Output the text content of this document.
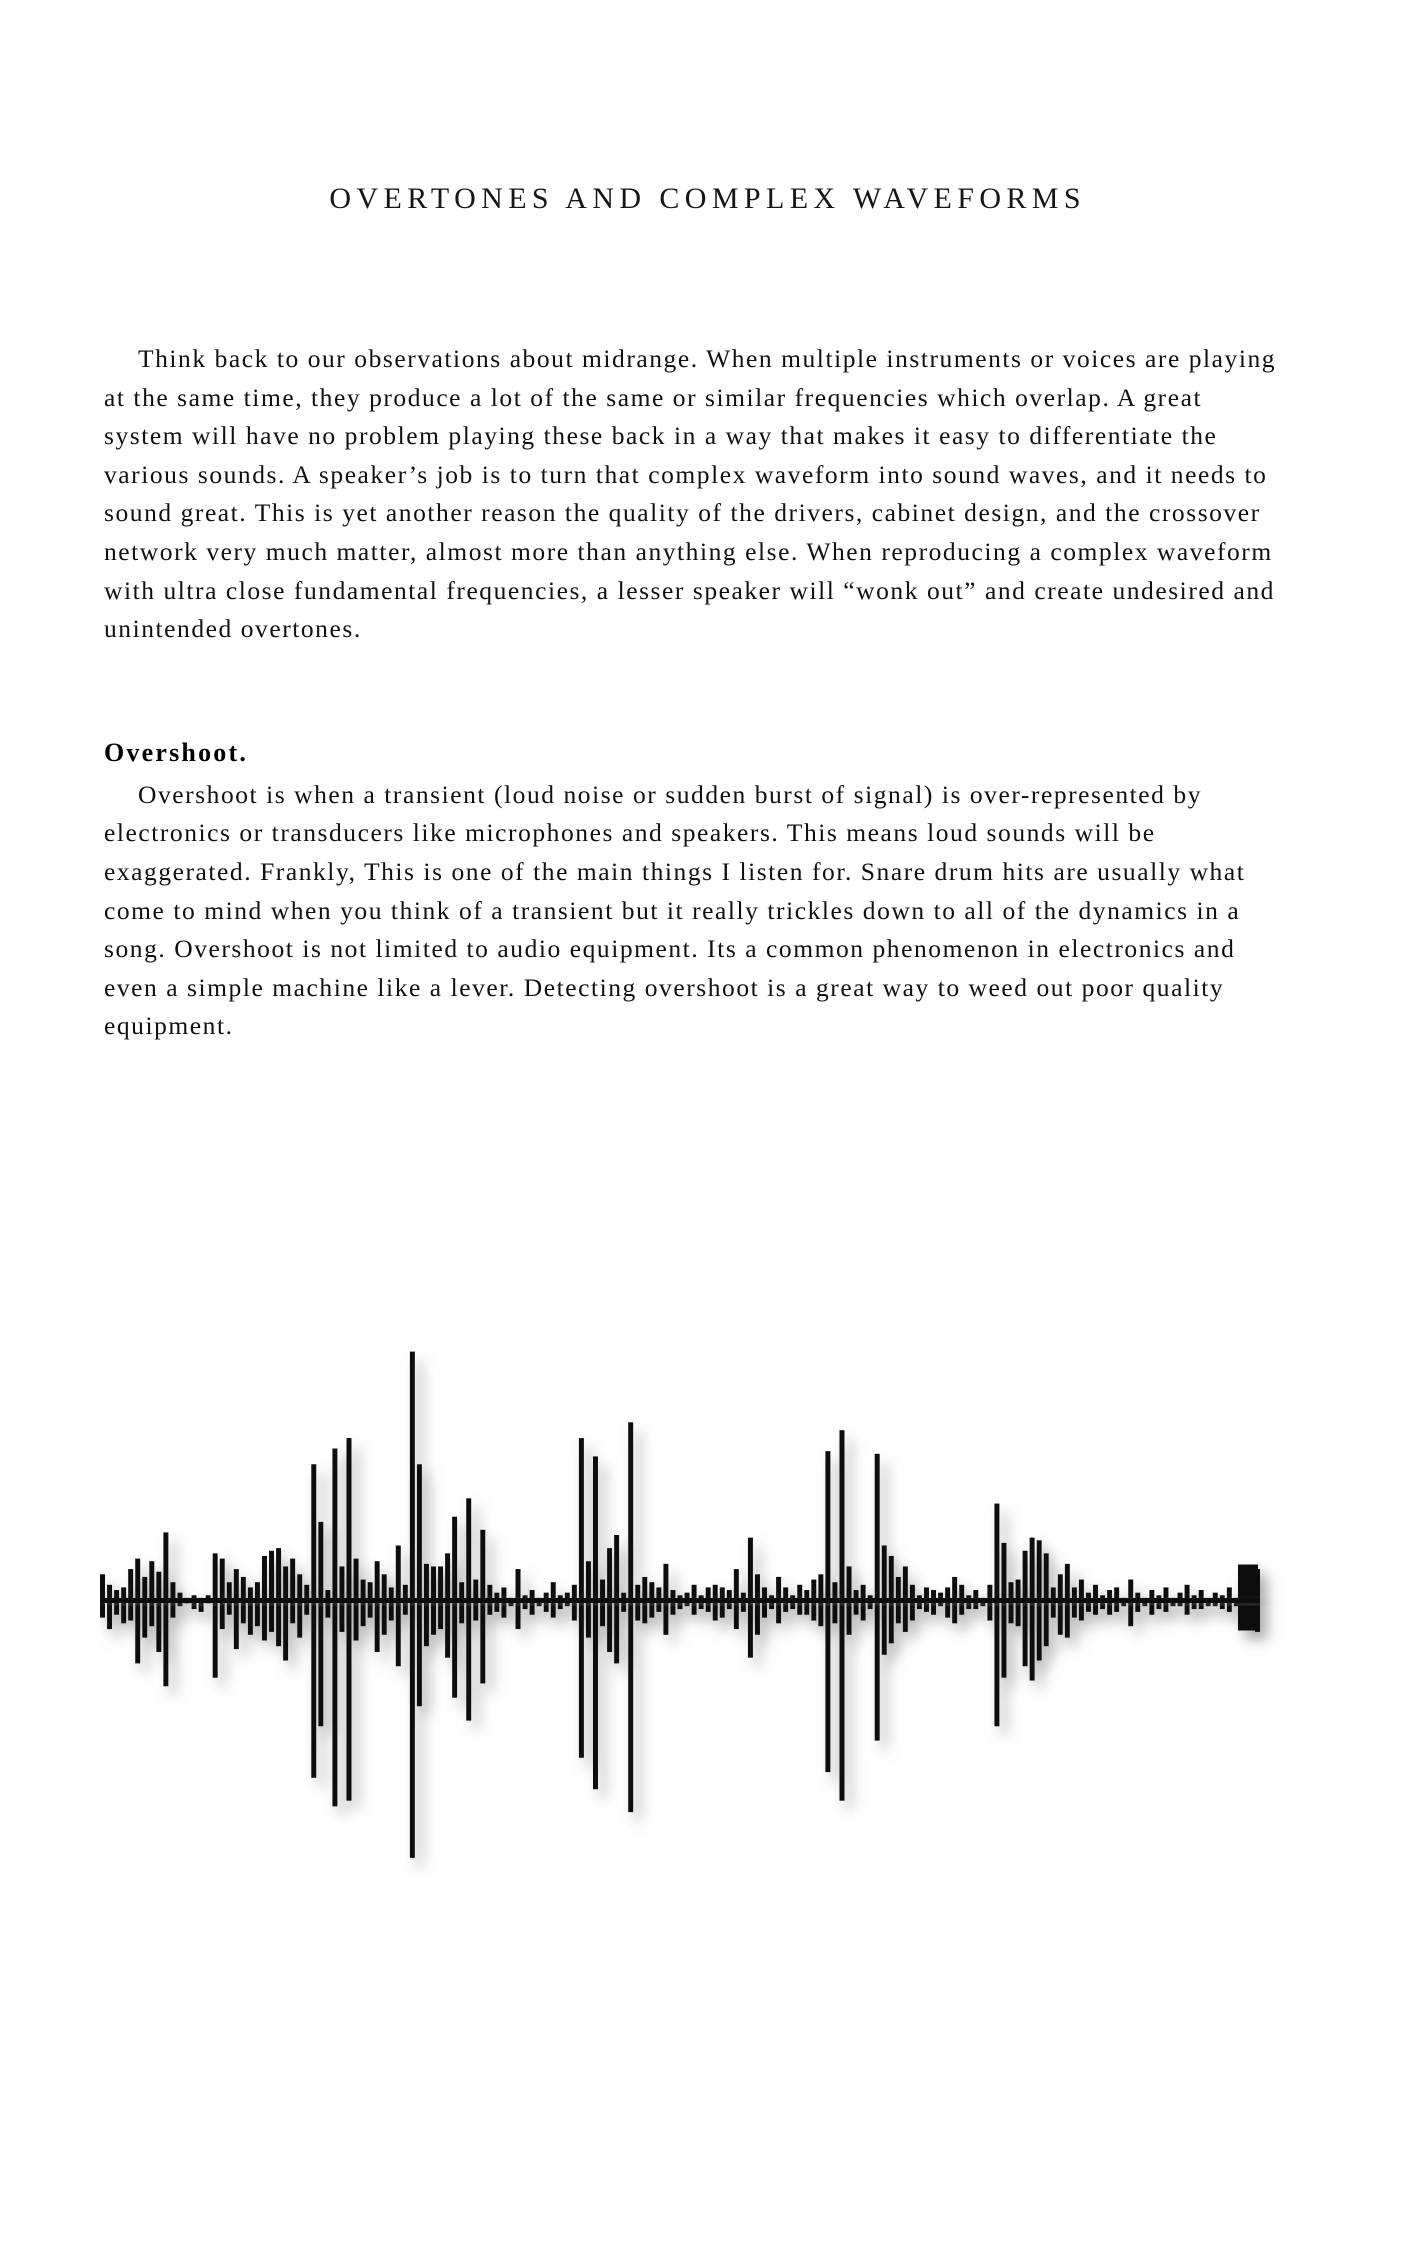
OVERTONES AND COMPLEX WAVEFORMS

Think back to our observations about midrange. When multiple instruments or voices are playing at the same time, they produce a lot of the same or similar frequencies which overlap. A great system will have no problem playing these back in a way that makes it easy to differentiate the various sounds. A speaker’s job is to turn that complex waveform into sound waves, and it needs to sound great. This is yet another reason the quality of the drivers, cabinet design, and the crossover network very much matter, almost more than anything else. When reproducing a complex waveform with ultra close fundamental frequencies, a lesser speaker will “wonk out” and create undesired and unintended overtones.

Overshoot.

Overshoot is when a transient (loud noise or sudden burst of signal) is over-represented by electronics or transducers like microphones and speakers. This means loud sounds will be exaggerated. Frankly, This is one of the main things I listen for. Snare drum hits are usually what come to mind when you think of a transient but it really trickles down to all of the dynamics in a song. Overshoot is not limited to audio equipment. Its a common phenomenon in electronics and even a simple machine like a lever. Detecting overshoot is a great way to weed out poor quality equipment.
